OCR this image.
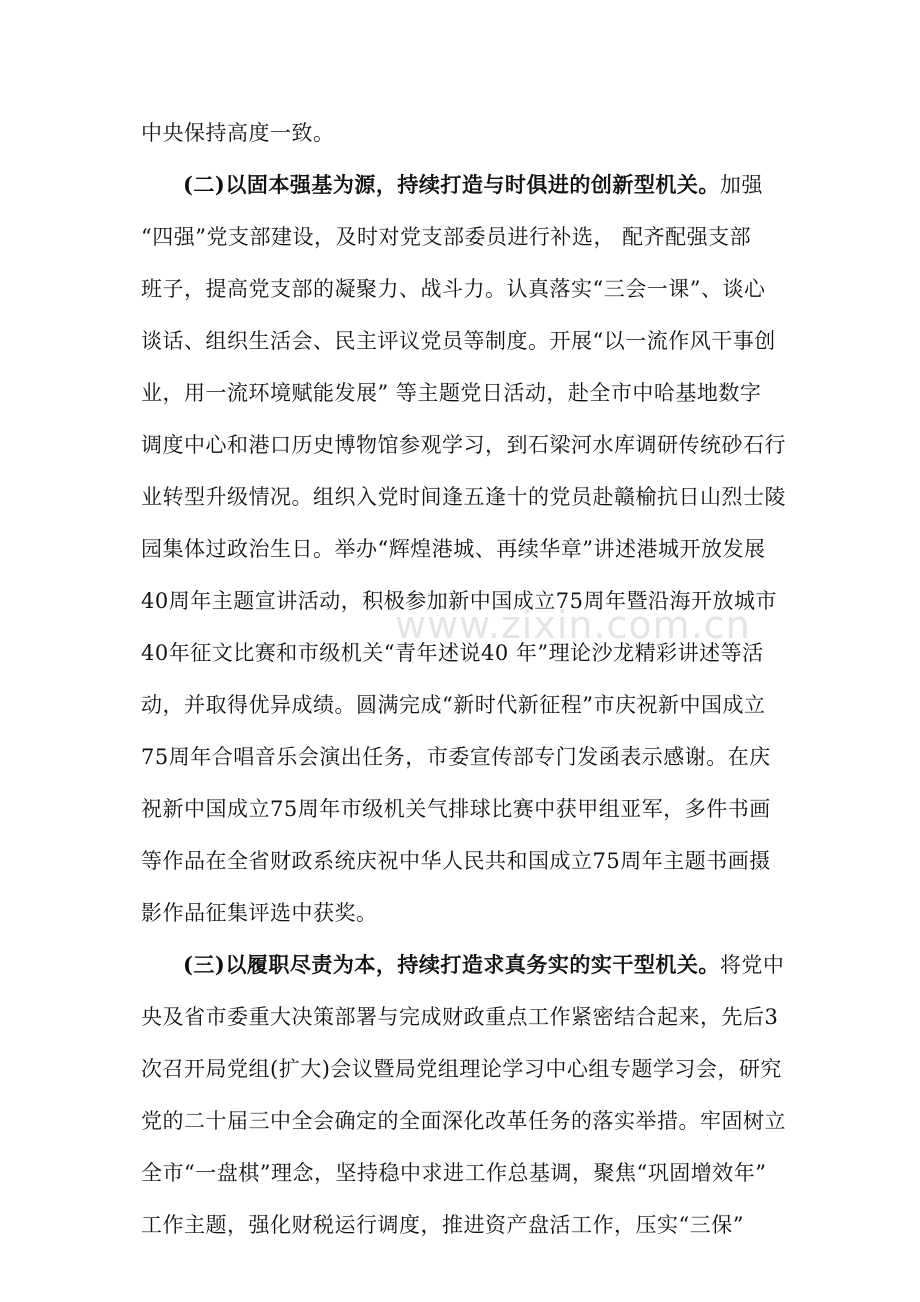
中央保持高度一致。
(二)以固本强基为源，持续打造与时俱进的创新型机关。加强
“四强”党支部建设，及时对党支部委员进行补选， 配齐配强支部
班子，提高党支部的凝聚力、战斗力。认真落实“三会一课”、谈心
谈话、组织生活会、民主评议党员等制度。开展“以一流作风干事创
业，用一流环境赋能发展” 等主题党日活动，赴全市中哈基地数字
调度中心和港口历史博物馆参观学习，到石梁河水库调研传统砂石行
业转型升级情况。组织入党时间逢五逢十的党员赴赣榆抗日山烈士陵
园集体过政治生日。举办“辉煌港城、再续华章”讲述港城开放发展
40周年主题宣讲活动，积极参加新中国成立75周年暨沿海开放城市
40年征文比赛和市级机关“青年述说40 年”理论沙龙精彩讲述等活
动，并取得优异成绩。圆满完成“新时代新征程”市庆祝新中国成立
75周年合唱音乐会演出任务，市委宣传部专门发函表示感谢。在庆
祝新中国成立75周年市级机关气排球比赛中获甲组亚军，多件书画
等作品在全省财政系统庆祝中华人民共和国成立75周年主题书画摄
影作品征集评选中获奖。
(三)以履职尽责为本，持续打造求真务实的实干型机关。将党中
央及省市委重大决策部署与完成财政重点工作紧密结合起来，先后3
次召开局党组(扩大)会议暨局党组理论学习中心组专题学习会，研究
党的二十届三中全会确定的全面深化改革任务的落实举措。牢固树立
全市“一盘棋”理念，坚持稳中求进工作总基调，聚焦“巩固增效年”
工作主题，强化财税运行调度，推进资产盘活工作，压实“三保”
www.zixin.com.cn
